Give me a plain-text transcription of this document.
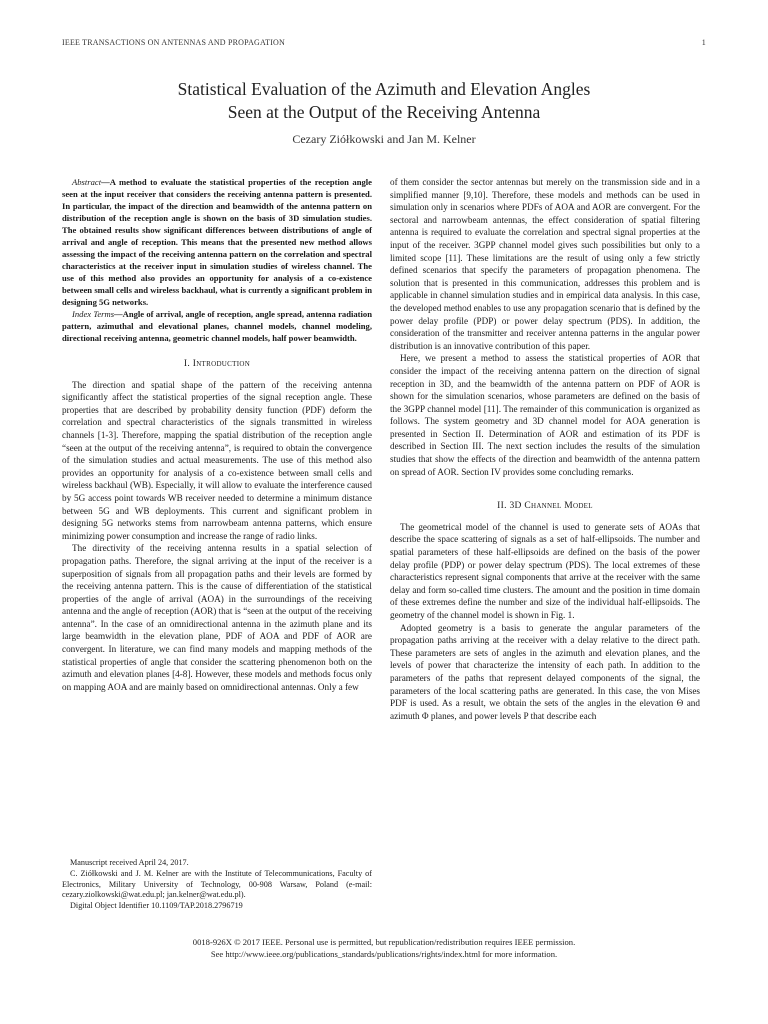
IEEE TRANSACTIONS ON ANTENNAS AND PROPAGATION	1
Statistical Evaluation of the Azimuth and Elevation Angles
Seen at the Output of the Receiving Antenna
Cezary Ziółkowski and Jan M. Kelner

Abstract—A method to evaluate the statistical properties of the reception angle seen at the input receiver that considers the receiving antenna pattern is presented. In particular, the impact of the direction and beamwidth of the antenna pattern on distribution of the reception angle is shown on the basis of 3D simulation studies. The obtained results show significant differences between distributions of angle of arrival and angle of reception. This means that the presented new method allows assessing the impact of the receiving antenna pattern on the correlation and spectral characteristics at the receiver input in simulation studies of wireless channel. The use of this method also provides an opportunity for analysis of a co-existence between small cells and wireless backhaul, what is currently a significant problem in designing 5G networks.

Index Terms—Angle of arrival, angle of reception, angle spread, antenna radiation pattern, azimuthal and elevational planes, channel models, channel modeling, directional receiving antenna, geometric channel models, half power beamwidth.

I. Introduction

The direction and spatial shape of the pattern of the receiving antenna significantly affect the statistical properties of the signal reception angle. These properties that are described by probability density function (PDF) deform the correlation and spectral characteristics of the signals transmitted in wireless channels [1-3]. Therefore, mapping the spatial distribution of the reception angle “seen at the output of the receiving antenna”, is required to obtain the convergence of the simulation studies and actual measurements. The use of this method also provides an opportunity for analysis of a co-existence between small cells and wireless backhaul (WB). Especially, it will allow to evaluate the interference caused by 5G access point towards WB receiver needed to determine a minimum distance between 5G and WB deployments. This current and significant problem in designing 5G networks stems from narrowbeam antenna patterns, which ensure minimizing power consumption and increase the range of radio links.

The directivity of the receiving antenna results in a spatial selection of propagation paths. Therefore, the signal arriving at the input of the receiver is a superposition of signals from all propagation paths and their levels are formed by the receiving antenna pattern. This is the cause of differentiation of the statistical properties of the angle of arrival (AOA) in the surroundings of the receiving antenna and the angle of reception (AOR) that is “seen at the output of the receiving antenna”. In the case of an omnidirectional antenna in the azimuth plane and its large beamwidth in the elevation plane, PDF of AOA and PDF of AOR are convergent. In literature, we can find many models and mapping methods of the statistical properties of angle that consider the scattering phenomenon both on the azimuth and elevation planes [4-8]. However, these models and methods focus only on mapping AOA and are mainly based on omnidirectional antennas. Only a few

of them consider the sector antennas but merely on the transmission side and in a simplified manner [9,10]. Therefore, these models and methods can be used in simulation only in scenarios where PDFs of AOA and AOR are convergent. For the sectoral and narrowbeam antennas, the effect consideration of spatial filtering antenna is required to evaluate the correlation and spectral signal properties at the input of the receiver. 3GPP channel model gives such possibilities but only to a limited scope [11]. These limitations are the result of using only a few strictly defined scenarios that specify the parameters of propagation phenomena. The solution that is presented in this communication, addresses this problem and is applicable in channel simulation studies and in empirical data analysis. In this case, the developed method enables to use any propagation scenario that is defined by the power delay profile (PDP) or power delay spectrum (PDS). In addition, the consideration of the transmitter and receiver antenna patterns in the angular power distribution is an innovative contribution of this paper.

Here, we present a method to assess the statistical properties of AOR that consider the impact of the receiving antenna pattern on the direction of signal reception in 3D, and the beamwidth of the antenna pattern on PDF of AOR is shown for the simulation scenarios, whose parameters are defined on the basis of the 3GPP channel model [11]. The remainder of this communication is organized as follows. The system geometry and 3D channel model for AOA generation is presented in Section II. Determination of AOR and estimation of its PDF is described in Section III. The next section includes the results of the simulation studies that show the effects of the direction and beamwidth of the antenna pattern on spread of AOR. Section IV provides some concluding remarks.

II. 3D Channel Model

The geometrical model of the channel is used to generate sets of AOAs that describe the space scattering of signals as a set of half-ellipsoids. The number and spatial parameters of these half-ellipsoids are defined on the basis of the power delay profile (PDP) or power delay spectrum (PDS). The local extremes of these characteristics represent signal components that arrive at the receiver with the same delay and form so-called time clusters. The amount and the position in time domain of these extremes define the number and size of the individual half-ellipsoids. The geometry of the channel model is shown in Fig. 1.

Adopted geometry is a basis to generate the angular parameters of the propagation paths arriving at the receiver with a delay relative to the direct path. These parameters are sets of angles in the azimuth and elevation planes, and the levels of power that characterize the intensity of each path. In addition to the parameters of the paths that represent delayed components of the signal, the parameters of the local scattering paths are generated. In this case, the von Mises PDF is used. As a result, we obtain the sets of the angles in the elevation Θ and azimuth Φ planes, and power levels P that describe each

Manuscript received April 24, 2017.

C. Ziółkowski and J. M. Kelner are with the Institute of Telecommunications, Faculty of Electronics, Military University of Technology, 00-908 Warsaw, Poland (e-mail: cezary.ziolkowski@wat.edu.pl; jan.kelner@wat.edu.pl).

Digital Object Identifier 10.1109/TAP.2018.2796719

0018-926X © 2017 IEEE. Personal use is permitted, but republication/redistribution requires IEEE permission.
See http://www.ieee.org/publications_standards/publications/rights/index.html for more information.
